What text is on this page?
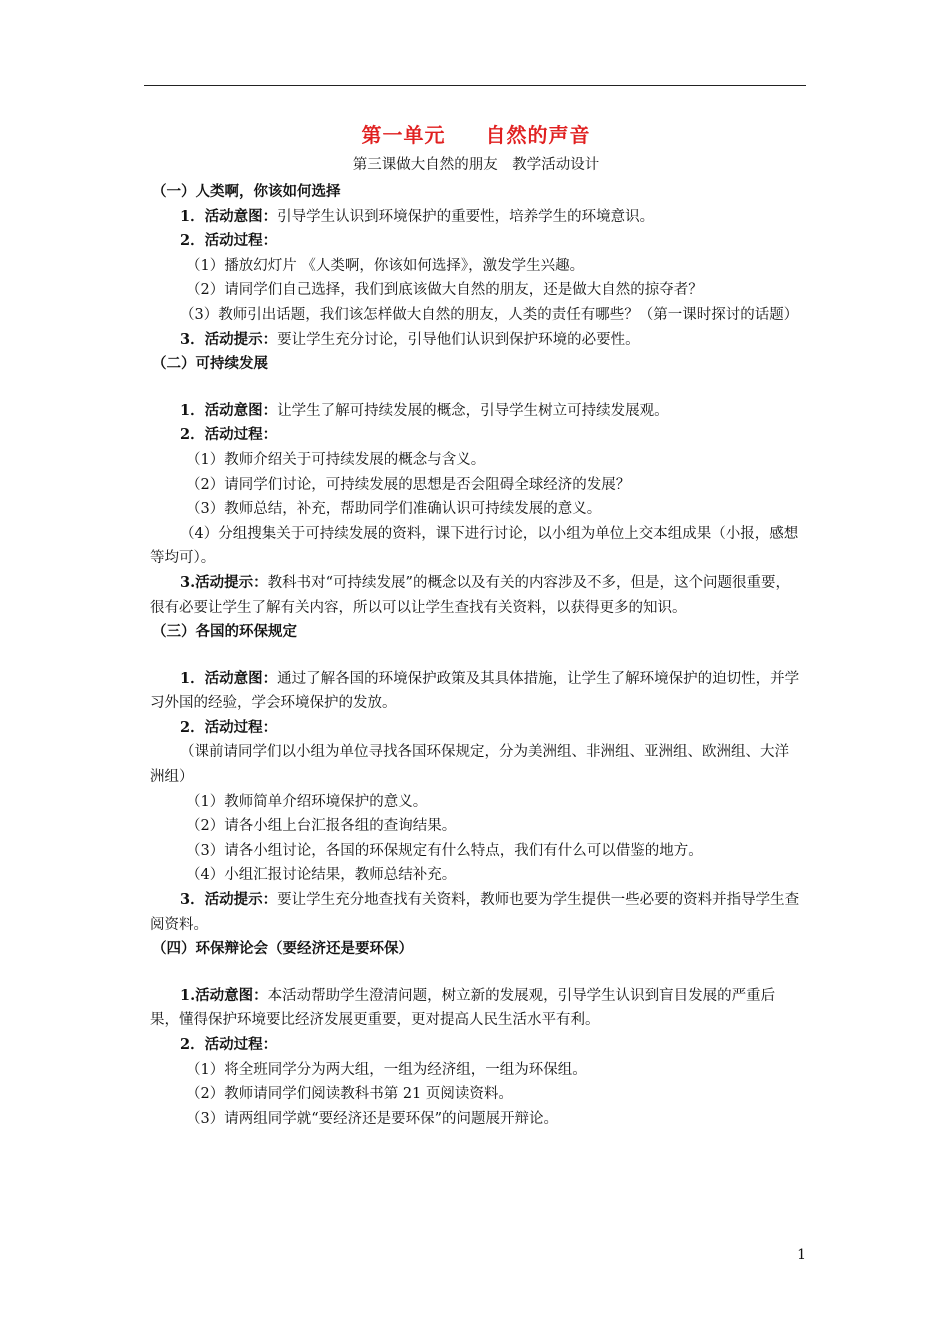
第一单元 自然的声音
第三课做大自然的朋友　教学活动设计
（一）人类啊，你该如何选择
1．活动意图：引导学生认识到环境保护的重要性，培养学生的环境意识。
2．活动过程：
（1）播放幻灯片 《人类啊，你该如何选择》，激发学生兴趣。
（2）请同学们自己选择，我们到底该做大自然的朋友，还是做大自然的掠夺者？
（3）教师引出话题，我们该怎样做大自然的朋友，人类的责任有哪些？（第一课时探讨的话题）
3．活动提示：要让学生充分讨论，引导他们认识到保护环境的必要性。
（二）可持续发展
1．活动意图：让学生了解可持续发展的概念，引导学生树立可持续发展观。
2．活动过程：
（1）教师介绍关于可持续发展的概念与含义。
（2）请同学们讨论，可持续发展的思想是否会阻碍全球经济的发展？
（3）教师总结，补充，帮助同学们准确认识可持续发展的意义。
（4）分组搜集关于可持续发展的资料，课下进行讨论，以小组为单位上交本组成果（小报，感想等均可）。
3.活动提示：教科书对“可持续发展”的概念以及有关的内容涉及不多，但是，这个问题很重要，很有必要让学生了解有关内容，所以可以让学生查找有关资料，以获得更多的知识。
（三）各国的环保规定
1．活动意图：通过了解各国的环境保护政策及其具体措施，让学生了解环境保护的迫切性，并学习外国的经验，学会环境保护的发放。
2．活动过程：
（课前请同学们以小组为单位寻找各国环保规定，分为美洲组、非洲组、亚洲组、欧洲组、大洋洲组）
（1）教师简单介绍环境保护的意义。
（2）请各小组上台汇报各组的查询结果。
（3）请各小组讨论，各国的环保规定有什么特点，我们有什么可以借鉴的地方。
（4）小组汇报讨论结果，教师总结补充。
3．活动提示：要让学生充分地查找有关资料，教师也要为学生提供一些必要的资料并指导学生查阅资料。
（四）环保辩论会（要经济还是要环保）
1.活动意图：本活动帮助学生澄清问题，树立新的发展观，引导学生认识到盲目发展的严重后果，懂得保护环境要比经济发展更重要，更对提高人民生活水平有利。
2．活动过程：
（1）将全班同学分为两大组，一组为经济组，一组为环保组。
（2）教师请同学们阅读教科书第 21 页阅读资料。
（3）请两组同学就“要经济还是要环保”的问题展开辩论。
1
